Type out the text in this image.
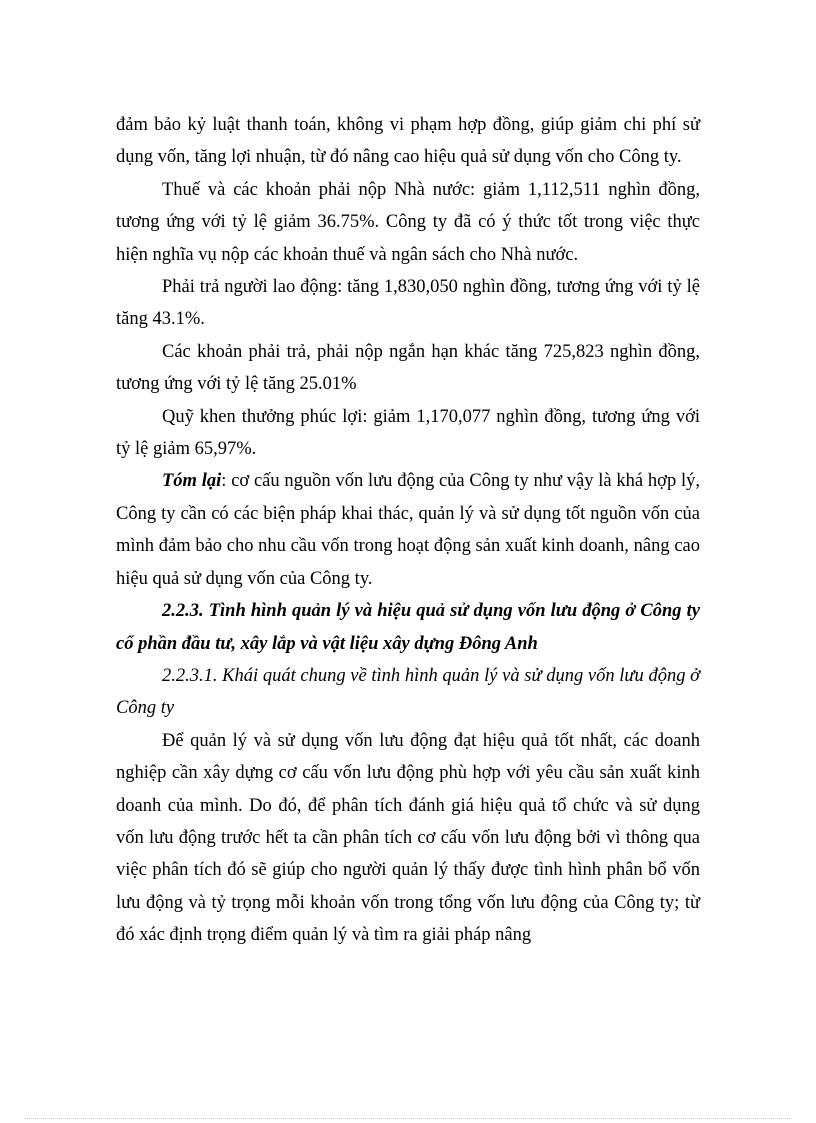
đảm bảo kỷ luật thanh toán, không vi phạm hợp đồng, giúp giảm chi phí sử dụng vốn, tăng lợi nhuận, từ đó nâng cao hiệu quả sử dụng vốn cho Công ty.

Thuế và các khoản phải nộp Nhà nước: giảm 1,112,511 nghìn đồng, tương ứng với tỷ lệ giảm 36.75%. Công ty đã có ý thức tốt trong việc thực hiện nghĩa vụ nộp các khoản thuế và ngân sách cho Nhà nước.

Phải trả người lao động: tăng 1,830,050 nghìn đồng, tương ứng với tỷ lệ tăng 43.1%.

Các khoản phải trả, phải nộp ngắn hạn khác tăng 725,823 nghìn đồng, tương ứng với tỷ lệ tăng 25.01%

Quỹ khen thưởng phúc lợi: giảm 1,170,077 nghìn đồng, tương ứng với tỷ lệ giảm 65,97%.

Tóm lại: cơ cấu nguồn vốn lưu động của Công ty như vậy là khá hợp lý, Công ty cần có các biện pháp khai thác, quản lý và sử dụng tốt nguồn vốn của mình đảm bảo cho nhu cầu vốn trong hoạt động sản xuất kinh doanh, nâng cao hiệu quả sử dụng vốn của Công ty.

2.2.3. Tình hình quản lý và hiệu quả sử dụng vốn lưu động ở Công ty cổ phần đầu tư, xây lắp và vật liệu xây dựng Đông Anh

2.2.3.1. Khái quát chung về tình hình quản lý và sử dụng vốn lưu động ở Công ty

Để quản lý và sử dụng vốn lưu động đạt hiệu quả tốt nhất, các doanh nghiệp cần xây dựng cơ cấu vốn lưu động phù hợp với yêu cầu sản xuất kinh doanh của mình. Do đó, để phân tích đánh giá hiệu quả tổ chức và sử dụng vốn lưu động trước hết ta cần phân tích cơ cấu vốn lưu động bởi vì thông qua việc phân tích đó sẽ giúp cho người quản lý thấy được tình hình phân bổ vốn lưu động và tỷ trọng mỗi khoản vốn trong tổng vốn lưu động của Công ty; từ đó xác định trọng điểm quản lý và tìm ra giải pháp nâng
